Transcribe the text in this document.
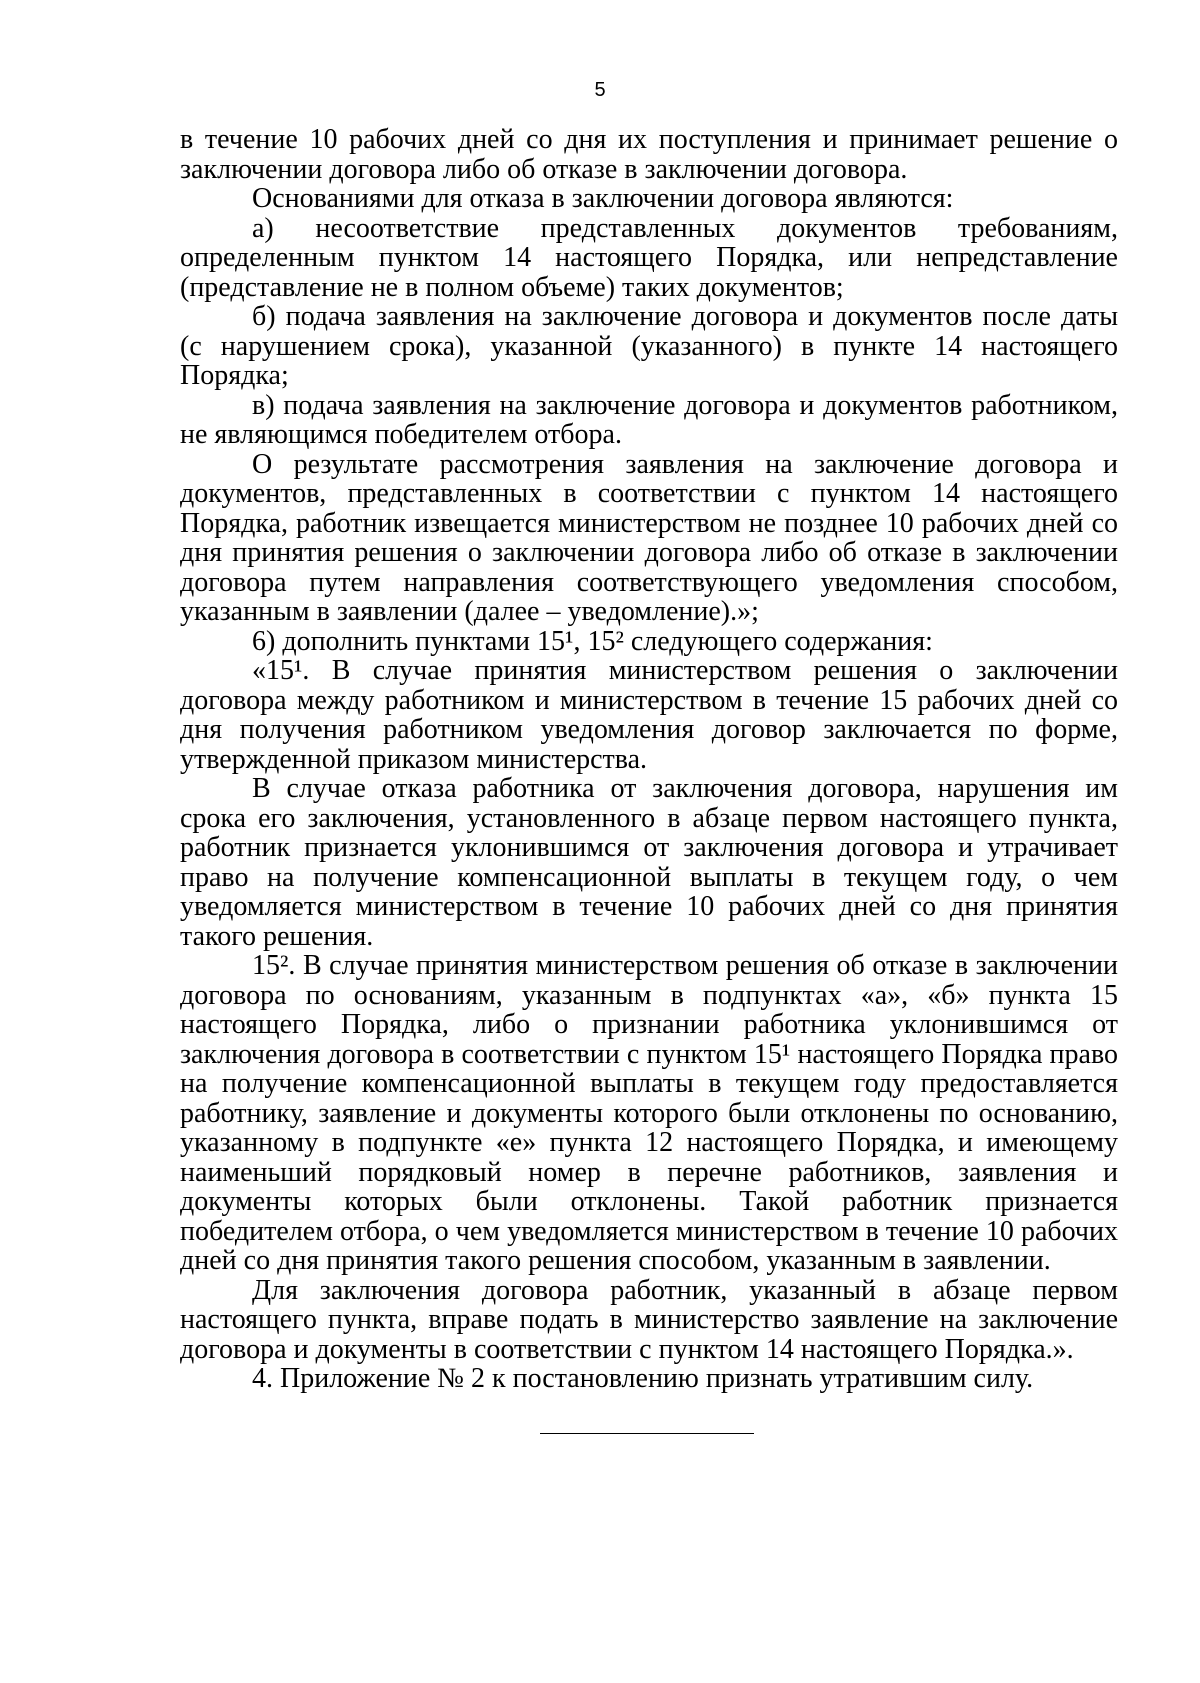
5

в течение 10 рабочих дней со дня их поступления и принимает решение о заключении договора либо об отказе в заключении договора.

Основаниями для отказа в заключении договора являются:

а) несоответствие представленных документов требованиям, определенным пунктом 14 настоящего Порядка, или непредставление (представление не в полном объеме) таких документов;

б) подача заявления на заключение договора и документов после даты (с нарушением срока), указанной (указанного) в пункте 14 настоящего Порядка;

в) подача заявления на заключение договора и документов работником, не являющимся победителем отбора.

О результате рассмотрения заявления на заключение договора и документов, представленных в соответствии с пунктом 14 настоящего Порядка, работник извещается министерством не позднее 10 рабочих дней со дня принятия решения о заключении договора либо об отказе в заключении договора путем направления соответствующего уведомления способом, указанным в заявлении (далее – уведомление).»;

6) дополнить пунктами 15¹, 15² следующего содержания:

«15¹. В случае принятия министерством решения о заключении договора между работником и министерством в течение 15 рабочих дней со дня получения работником уведомления договор заключается по форме, утвержденной приказом министерства.

В случае отказа работника от заключения договора, нарушения им срока его заключения, установленного в абзаце первом настоящего пункта, работник признается уклонившимся от заключения договора и утрачивает право на получение компенсационной выплаты в текущем году, о чем уведомляется министерством в течение 10 рабочих дней со дня принятия такого решения.

15². В случае принятия министерством решения об отказе в заключении договора по основаниям, указанным в подпунктах «а», «б» пункта 15 настоящего Порядка, либо о признании работника уклонившимся от заключения договора в соответствии с пунктом 15¹ настоящего Порядка право на получение компенсационной выплаты в текущем году предоставляется работнику, заявление и документы которого были отклонены по основанию, указанному в подпункте «е» пункта 12 настоящего Порядка, и имеющему наименьший порядковый номер в перечне работников, заявления и документы которых были отклонены. Такой работник признается победителем отбора, о чем уведомляется министерством в течение 10 рабочих дней со дня принятия такого решения способом, указанным в заявлении.

Для заключения договора работник, указанный в абзаце первом настоящего пункта, вправе подать в министерство заявление на заключение договора и документы в соответствии с пунктом 14 настоящего Порядка.».

4. Приложение № 2 к постановлению признать утратившим силу.
